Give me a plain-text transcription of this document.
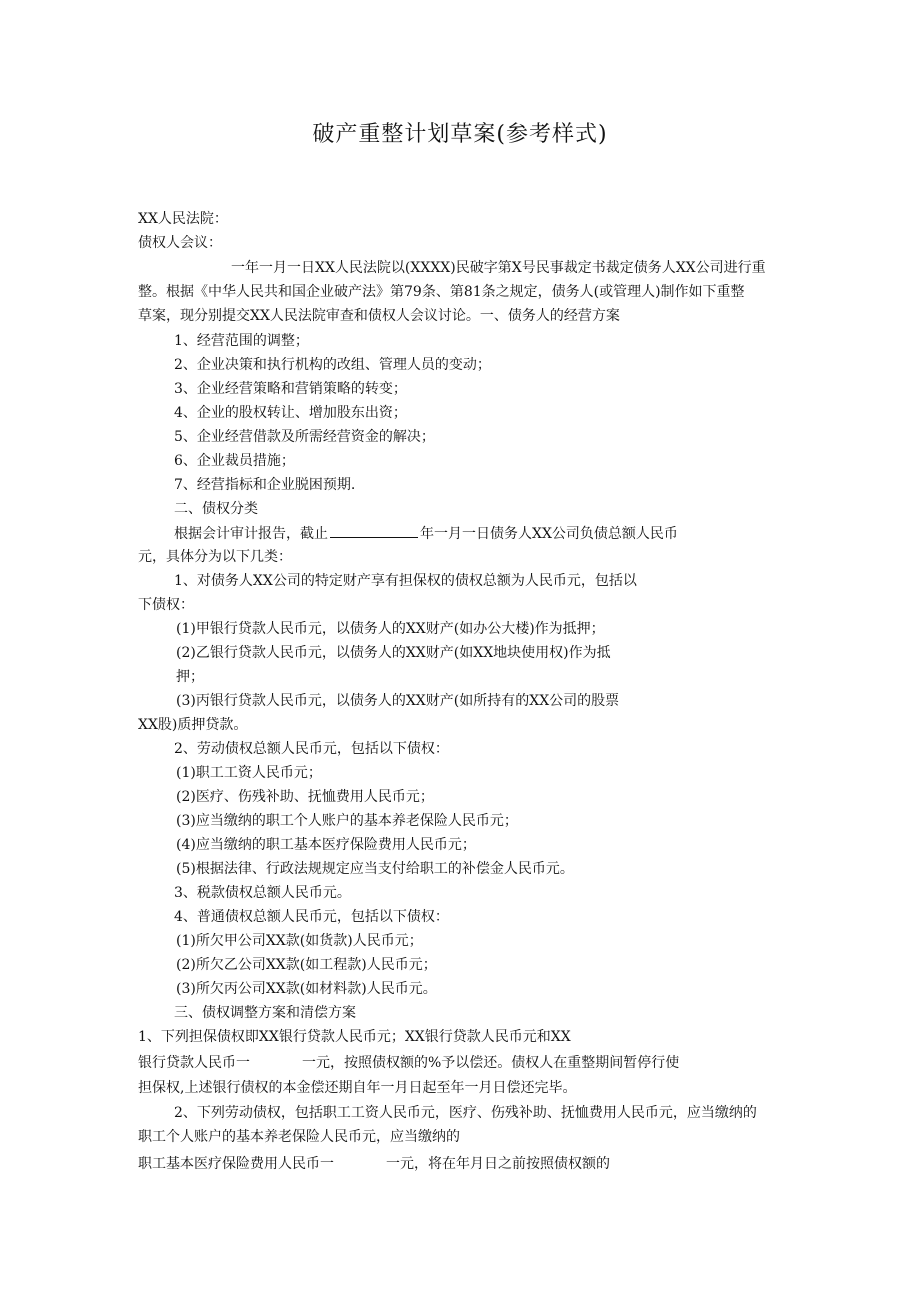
破产重整计划草案(参考样式)
XX人民法院：
债权人会议：
一年一月一日XX人民法院以(XXXX)民破字第X号民事裁定书裁定债务人XX公司进行重
整。根据《中华人民共和国企业破产法》第79条、第81条之规定，债务人(或管理人)制作如下重整
草案，现分别提交XX人民法院审查和债权人会议讨论。一、债务人的经营方案
1、经营范围的调整；
2、企业决策和执行机构的改组、管理人员的变动；
3、企业经营策略和营销策略的转变；
4、企业的股权转让、增加股东出资；
5、企业经营借款及所需经营资金的解决；
6、企业裁员措施；
7、经营指标和企业脱困预期.
二、债权分类
根据会计审计报告，截止	年一月一日债务人XX公司负债总额人民币
元，具体分为以下几类：
1、对债务人XX公司的特定财产享有担保权的债权总额为人民币元，包括以
下债权：
(1)甲银行贷款人民币元，以债务人的XX财产(如办公大楼)作为抵押；
(2)乙银行贷款人民币元，以债务人的XX财产(如XX地块使用权)作为抵
押；
(3)丙银行贷款人民币元，以债务人的XX财产(如所持有的XX公司的股票
XX股)质押贷款。
2、劳动债权总额人民币元，包括以下债权：
(1)职工工资人民币元；
(2)医疗、伤残补助、抚恤费用人民币元；
(3)应当缴纳的职工个人账户的基本养老保险人民币元；
(4)应当缴纳的职工基本医疗保险费用人民币元；
(5)根据法律、行政法规规定应当支付给职工的补偿金人民币元。
3、税款债权总额人民币元。
4、普通债权总额人民币元，包括以下债权：
(1)所欠甲公司XX款(如货款)人民币元；
(2)所欠乙公司XX款(如工程款)人民币元；
(3)所欠丙公司XX款(如材料款)人民币元。
三、债权调整方案和清偿方案
1、下列担保债权即XX银行贷款人民币元；XX银行贷款人民币元和XX
银行贷款人民币一	一元，按照债权额的%予以偿还。债权人在重整期间暂停行使
担保权,上述银行债权的本金偿还期自年一月日起至年一月日偿还完毕。
2、下列劳动债权，包括职工工资人民币元，医疗、伤残补助、抚恤费用人民币元，应当缴纳的
职工个人账户的基本养老保险人民币元，应当缴纳的
职工基本医疗保险费用人民币一	一元，将在年月日之前按照债权额的
